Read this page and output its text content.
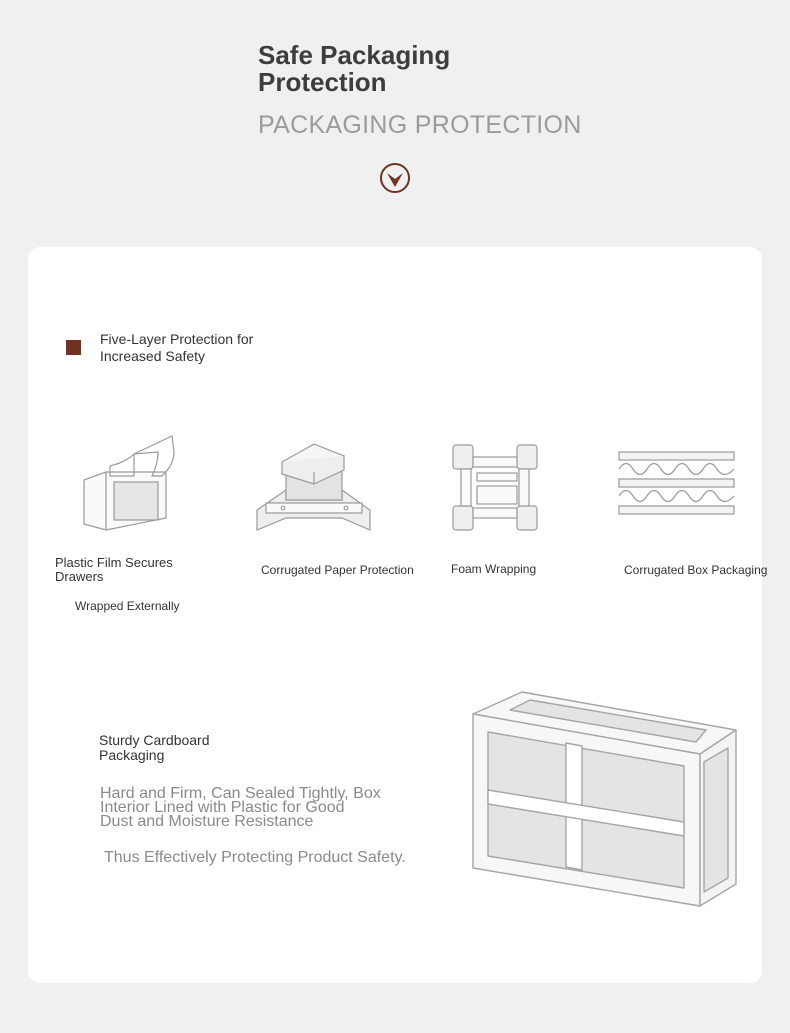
Safe Packaging
Protection
PACKAGING PROTECTION
Five-Layer Protection for
Increased Safety
Plastic Film Secures
Drawers
Wrapped Externally
Corrugated Paper Protection	Foam Wrapping	Corrugated Box Packaging
Sturdy Cardboard
Packaging
Hard and Firm, Can Sealed Tightly, Box
Interior Lined with Plastic for Good
Dust and Moisture Resistance
Thus Effectively Protecting Product Safety.
